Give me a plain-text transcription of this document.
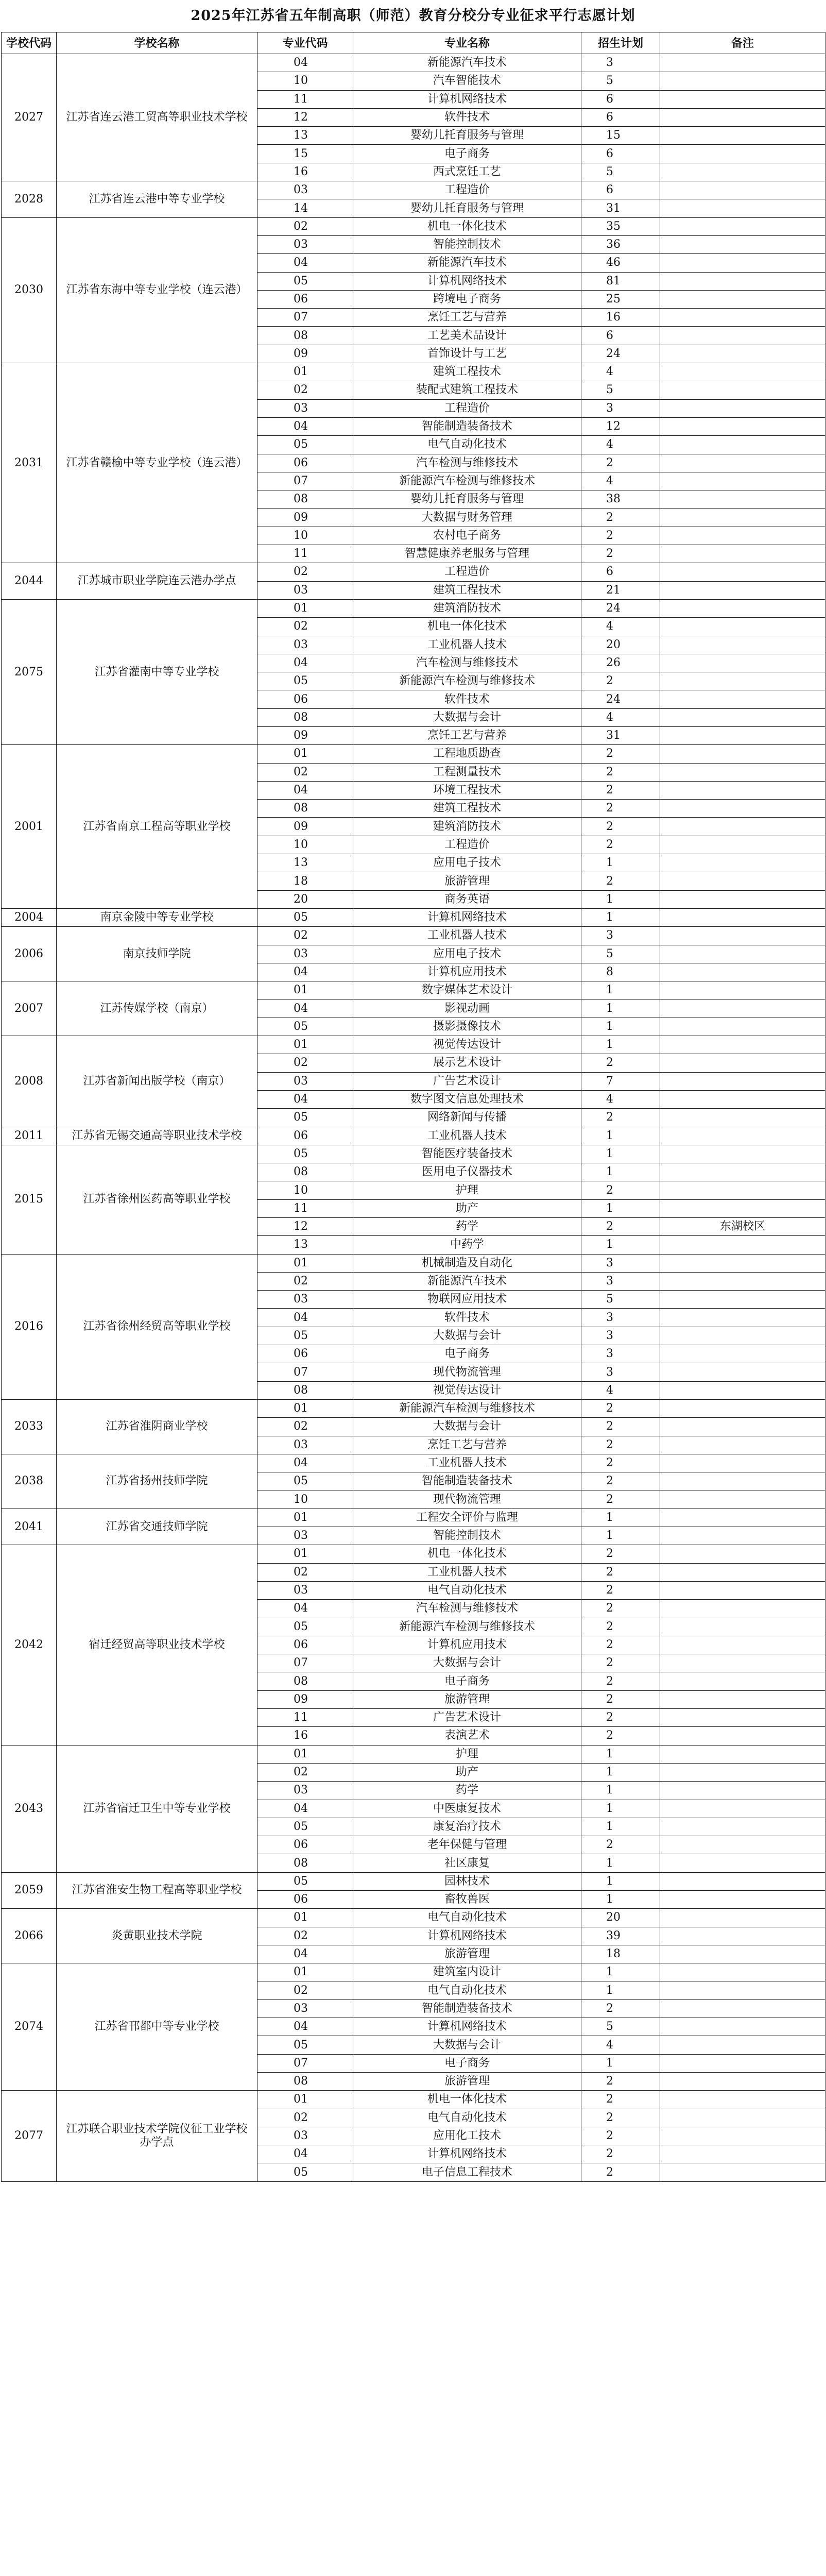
2025年江苏省五年制高职（师范）教育分校分专业征求平行志愿计划
学校代码	学校名称	专业代码	专业名称	招生计划	备注
2027	江苏省连云港工贸高等职业技术学校	04	新能源汽车技术	3	
		10	汽车智能技术	5	
		11	计算机网络技术	6	
		12	软件技术	6	
		13	婴幼儿托育服务与管理	15	
		15	电子商务	6	
		16	西式烹饪工艺	5	
2028	江苏省连云港中等专业学校	03	工程造价	6	
		14	婴幼儿托育服务与管理	31	
2030	江苏省东海中等专业学校（连云港）	02	机电一体化技术	35	
		03	智能控制技术	36	
		04	新能源汽车技术	46	
		05	计算机网络技术	81	
		06	跨境电子商务	25	
		07	烹饪工艺与营养	16	
		08	工艺美术品设计	6	
		09	首饰设计与工艺	24	
2031	江苏省赣榆中等专业学校（连云港）	01	建筑工程技术	4	
		02	装配式建筑工程技术	5	
		03	工程造价	3	
		04	智能制造装备技术	12	
		05	电气自动化技术	4	
		06	汽车检测与维修技术	2	
		07	新能源汽车检测与维修技术	4	
		08	婴幼儿托育服务与管理	38	
		09	大数据与财务管理	2	
		10	农村电子商务	2	
		11	智慧健康养老服务与管理	2	
2044	江苏城市职业学院连云港办学点	02	工程造价	6	
		03	建筑工程技术	21	
2075	江苏省灌南中等专业学校	01	建筑消防技术	24	
		02	机电一体化技术	4	
		03	工业机器人技术	20	
		04	汽车检测与维修技术	26	
		05	新能源汽车检测与维修技术	2	
		06	软件技术	24	
		08	大数据与会计	4	
		09	烹饪工艺与营养	31	
2001	江苏省南京工程高等职业学校	01	工程地质勘查	2	
		02	工程测量技术	2	
		04	环境工程技术	2	
		08	建筑工程技术	2	
		09	建筑消防技术	2	
		10	工程造价	2	
		13	应用电子技术	1	
		18	旅游管理	2	
		20	商务英语	1	
2004	南京金陵中等专业学校	05	计算机网络技术	1	
2006	南京技师学院	02	工业机器人技术	3	
		03	应用电子技术	5	
		04	计算机应用技术	8	
2007	江苏传媒学校（南京）	01	数字媒体艺术设计	1	
		04	影视动画	1	
		05	摄影摄像技术	1	
2008	江苏省新闻出版学校（南京）	01	视觉传达设计	1	
		02	展示艺术设计	2	
		03	广告艺术设计	7	
		04	数字图文信息处理技术	4	
		05	网络新闻与传播	2	
2011	江苏省无锡交通高等职业技术学校	06	工业机器人技术	1	
2015	江苏省徐州医药高等职业学校	05	智能医疗装备技术	1	
		08	医用电子仪器技术	1	
		10	护理	2	
		11	助产	1	
		12	药学	2	东湖校区
		13	中药学	1	
2016	江苏省徐州经贸高等职业学校	01	机械制造及自动化	3	
		02	新能源汽车技术	3	
		03	物联网应用技术	5	
		04	软件技术	3	
		05	大数据与会计	3	
		06	电子商务	3	
		07	现代物流管理	3	
		08	视觉传达设计	4	
2033	江苏省淮阴商业学校	01	新能源汽车检测与维修技术	2	
		02	大数据与会计	2	
		03	烹饪工艺与营养	2	
2038	江苏省扬州技师学院	04	工业机器人技术	2	
		05	智能制造装备技术	2	
		10	现代物流管理	2	
2041	江苏省交通技师学院	01	工程安全评价与监理	1	
		03	智能控制技术	1	
2042	宿迁经贸高等职业技术学校	01	机电一体化技术	2	
		02	工业机器人技术	2	
		03	电气自动化技术	2	
		04	汽车检测与维修技术	2	
		05	新能源汽车检测与维修技术	2	
		06	计算机应用技术	2	
		07	大数据与会计	2	
		08	电子商务	2	
		09	旅游管理	2	
		11	广告艺术设计	2	
		16	表演艺术	2	
2043	江苏省宿迁卫生中等专业学校	01	护理	1	
		02	助产	1	
		03	药学	1	
		04	中医康复技术	1	
		05	康复治疗技术	1	
		06	老年保健与管理	2	
		08	社区康复	1	
2059	江苏省淮安生物工程高等职业学校	05	园林技术	1	
		06	畜牧兽医	1	
2066	炎黄职业技术学院	01	电气自动化技术	20	
		02	计算机网络技术	39	
		04	旅游管理	18	
2074	江苏省邗都中等专业学校	01	建筑室内设计	1	
		02	电气自动化技术	1	
		03	智能制造装备技术	2	
		04	计算机网络技术	5	
		05	大数据与会计	4	
		07	电子商务	1	
		08	旅游管理	2	
2077	江苏联合职业技术学院仪征工业学校办学点	01	机电一体化技术	2	
		02	电气自动化技术	2	
		03	应用化工技术	2	
		04	计算机网络技术	2	
		05	电子信息工程技术	2	
